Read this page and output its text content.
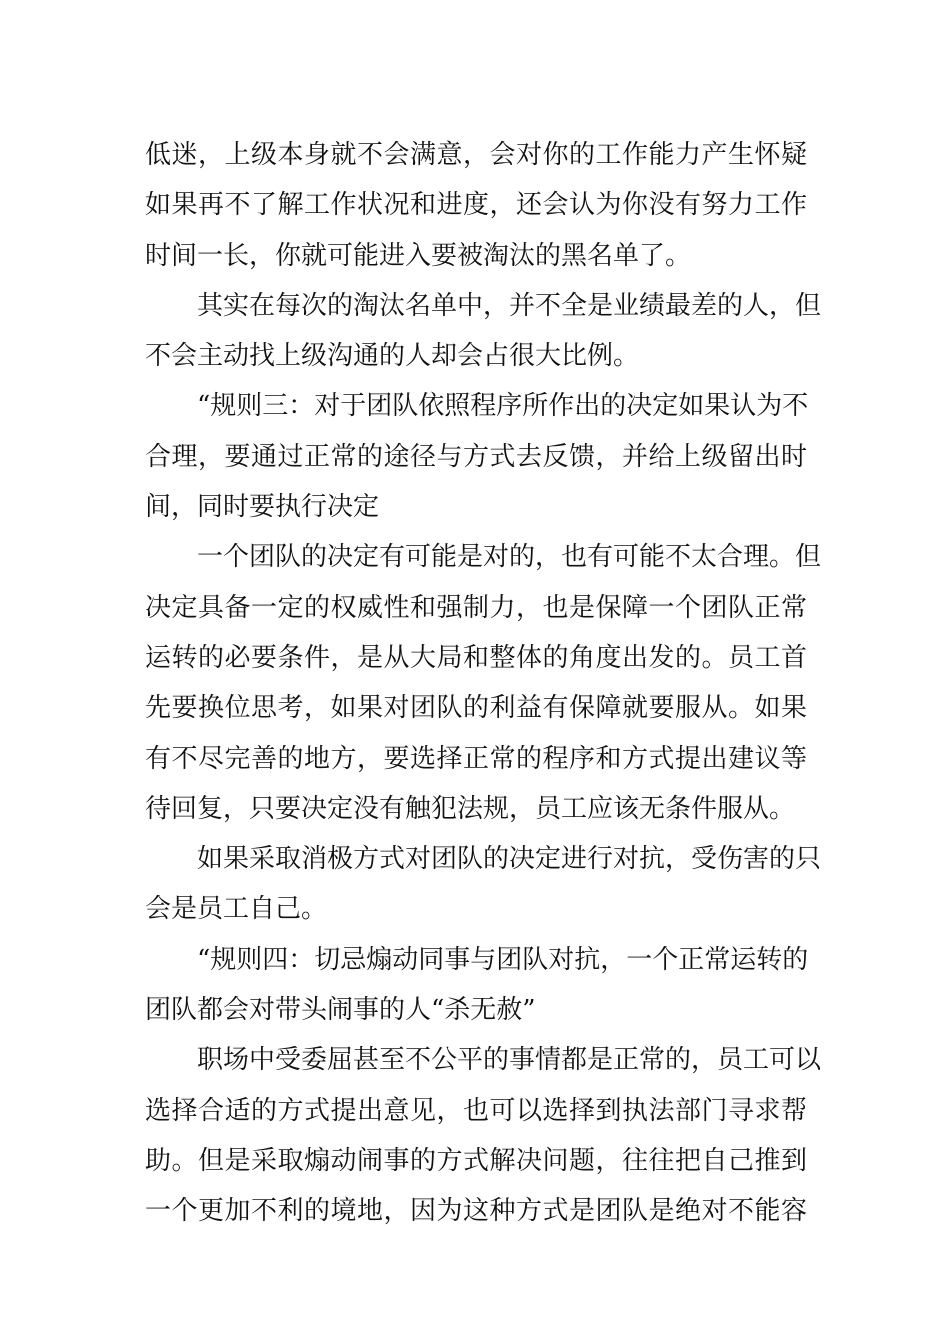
低迷，上级本身就不会满意，会对你的工作能力产生怀疑
如果再不了解工作状况和进度，还会认为你没有努力工作
时间一长，你就可能进入要被淘汰的黑名单了。
其实在每次的淘汰名单中，并不全是业绩最差的人，但
不会主动找上级沟通的人却会占很大比例。
“规则三：对于团队依照程序所作出的决定如果认为不
合理，要通过正常的途径与方式去反馈，并给上级留出时
间，同时要执行决定
一个团队的决定有可能是对的，也有可能不太合理。但
决定具备一定的权威性和强制力，也是保障一个团队正常
运转的必要条件，是从大局和整体的角度出发的。员工首
先要换位思考，如果对团队的利益有保障就要服从。如果
有不尽完善的地方，要选择正常的程序和方式提出建议等
待回复，只要决定没有触犯法规，员工应该无条件服从。
如果采取消极方式对团队的决定进行对抗，受伤害的只
会是员工自己。
“规则四：切忌煽动同事与团队对抗，一个正常运转的
团队都会对带头闹事的人“杀无赦”
职场中受委屈甚至不公平的事情都是正常的，员工可以
选择合适的方式提出意见，也可以选择到执法部门寻求帮
助。但是采取煽动闹事的方式解决问题，往往把自己推到
一个更加不利的境地，因为这种方式是团队是绝对不能容
